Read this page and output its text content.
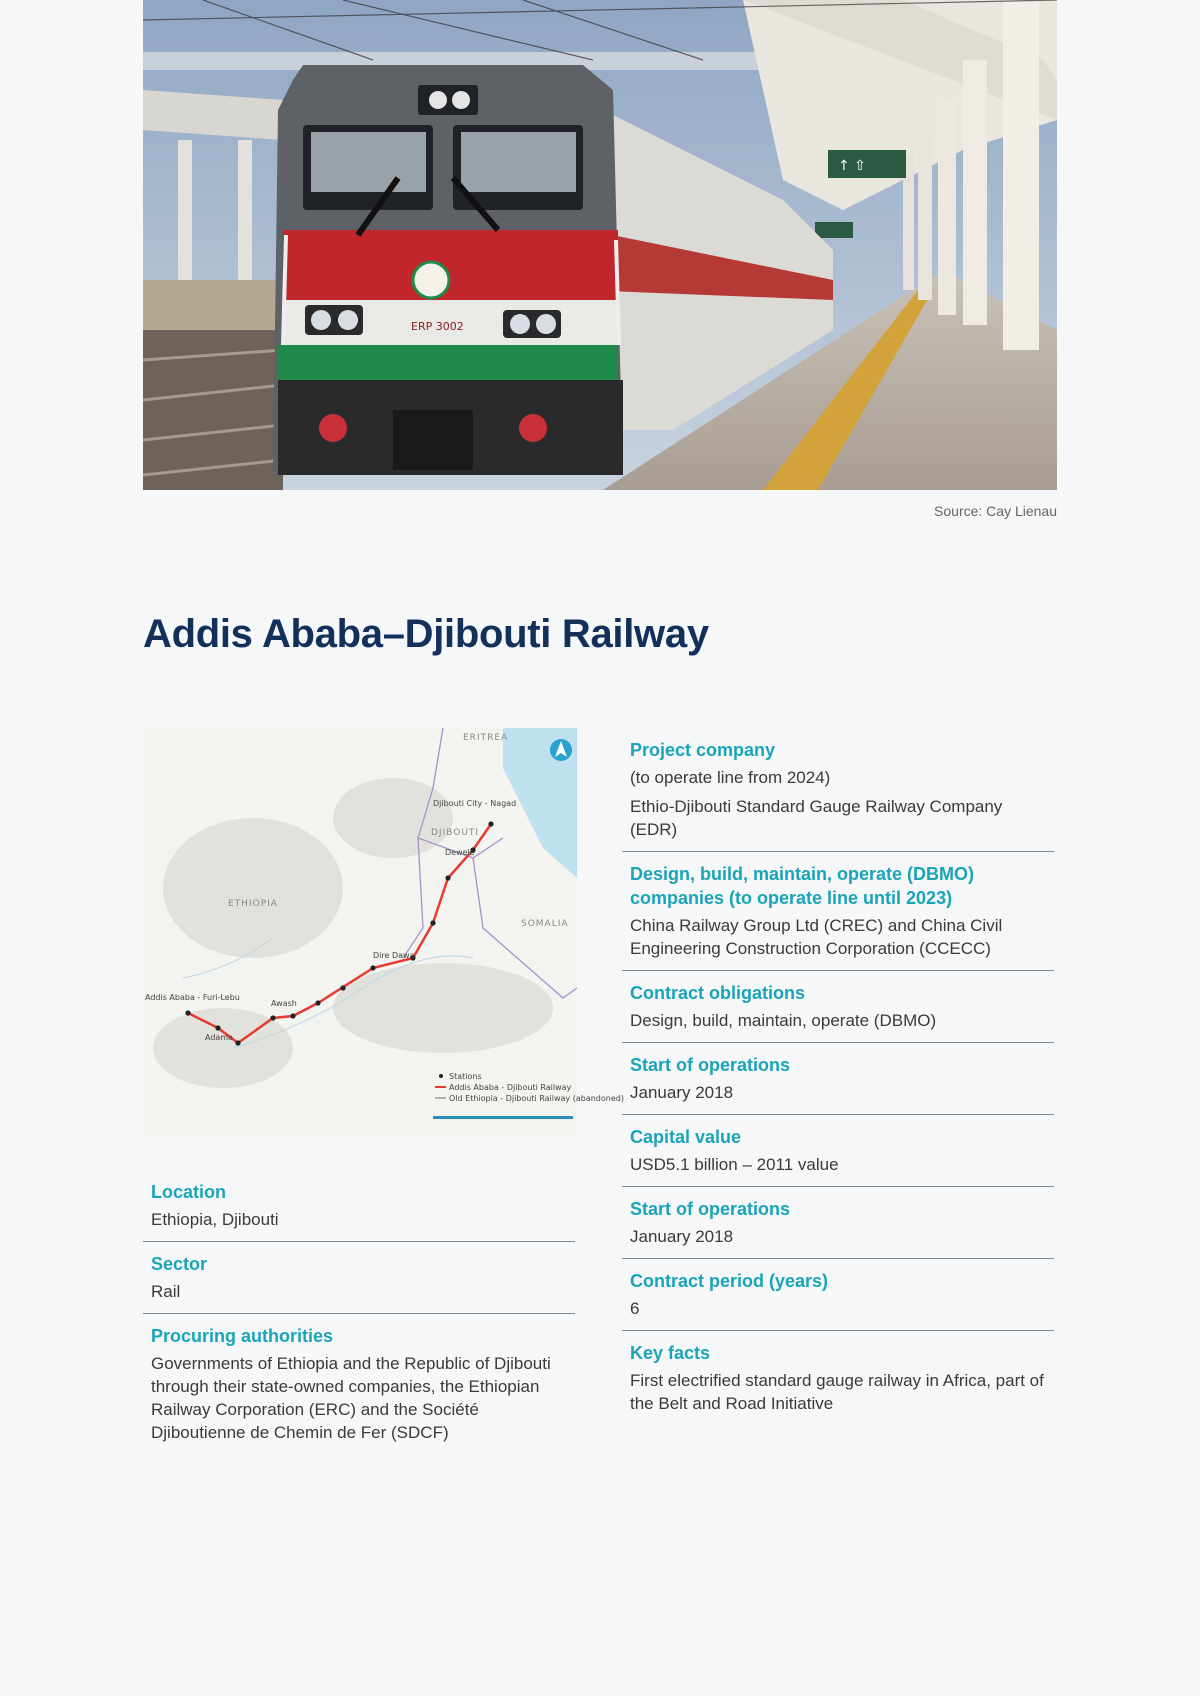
↑ ⇧
ERP 3002
Source: Cay Lienau
Addis Ababa–Djibouti Railway
ERITREA
DJIBOUTI
ETHIOPIA
SOMALIA
Djibouti City - Nagad
Dewele
Dire Dawa
Awash
Adama
Addis Ababa - Furi-Lebu
Stations
Addis Ababa - Djibouti Railway
Old Ethiopia - Djibouti Railway (abandoned)
Location
Ethiopia, Djibouti
Sector
Rail
Procuring authorities
Governments of Ethiopia and the Republic of Djibouti through their state-owned companies, the Ethiopian Railway Corporation (ERC) and the Société Djiboutienne de Chemin de Fer (SDCF)
Project company
(to operate line from 2024)
Ethio-Djibouti Standard Gauge Railway Company (EDR)
Design, build, maintain, operate (DBMO) companies (to operate line until 2023)
China Railway Group Ltd (CREC) and China Civil Engineering Construction Corporation (CCECC)
Contract obligations
Design, build, maintain, operate (DBMO)
Start of operations
January 2018
Capital value
USD5.1 billion – 2011 value
Start of operations
January 2018
Contract period (years)
6
Key facts
First electrified standard gauge railway in Africa, part of the Belt and Road Initiative
